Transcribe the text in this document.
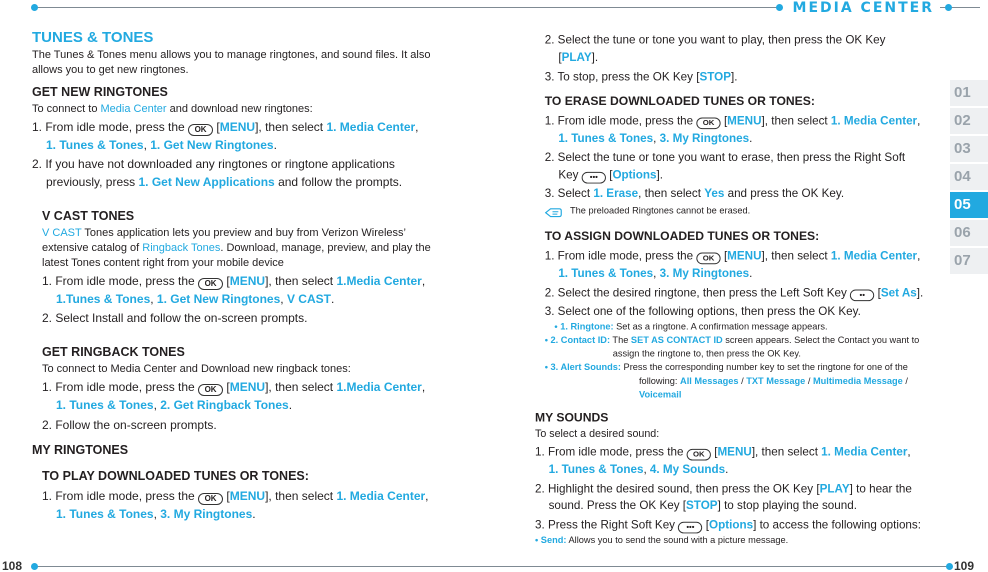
MEDIA CENTER
108	109
01
02
03
04
05
06
07
TUNES & TONES
The Tunes & Tones menu allows you to manage ringtones, and sound files. It also allows you to get new ringtones.
GET NEW RINGTONES
To connect to Media Center and download new ringtones:
1. From idle mode, press the OK [MENU], then select 1. Media Center,
1. Tunes & Tones, 1. Get New Ringtones.
2. If you have not downloaded any ringtones or ringtone applications previously, press 1. Get New Applications and follow the prompts.
V CAST TONES
V CAST Tones application lets you preview and buy from Verizon Wireless’ extensive catalog of Ringback Tones. Download, manage, preview, and play the latest Tones content right from your mobile device
1. From idle mode, press the OK [MENU], then select 1.Media Center,
1.Tunes & Tones, 1. Get New Ringtones, V CAST.
2. Select Install and follow the on-screen prompts.
GET RINGBACK TONES
To connect to Media Center and Download new ringback tones:
1. From idle mode, press the OK [MENU], then select 1.Media Center,
1. Tunes & Tones, 2. Get Ringback Tones.
2. Follow the on-screen prompts.
MY RINGTONES
TO PLAY DOWNLOADED TUNES OR TONES:
1. From idle mode, press the OK [MENU], then select 1. Media Center,
1. Tunes & Tones, 3. My Ringtones.
2. Select the tune or tone you want to play, then press the OK Key [PLAY].
3. To stop, press the OK Key [STOP].
TO ERASE DOWNLOADED TUNES OR TONES:
1. From idle mode, press the OK [MENU], then select 1. Media Center,
1. Tunes & Tones, 3. My Ringtones.
2. Select the tune or tone you want to erase, then press the Right Soft Key ••• [Options].
3. Select 1. Erase, then select Yes and press the OK Key.
The preloaded Ringtones cannot be erased.
TO ASSIGN DOWNLOADED TUNES OR TONES:
1. From idle mode, press the OK [MENU], then select 1. Media Center,
1. Tunes & Tones, 3. My Ringtones.
2. Select the desired ringtone, then press the Left Soft Key •• [Set As].
3. Select one of the following options, then press the OK Key.
• 1. Ringtone: Set as a ringtone. A confirmation message appears.
• 2. Contact ID: The SET AS CONTACT ID screen appears. Select the Contact you want to assign the ringtone to, then press the OK Key.
• 3. Alert Sounds: Press the corresponding number key to set the ringtone for one of the following: All Messages / TXT Message / Multimedia Message / Voicemail
MY SOUNDS
To select a desired sound:
1. From idle mode, press the OK [MENU], then select 1. Media Center,
1. Tunes & Tones, 4. My Sounds.
2. Highlight the desired sound, then press the OK Key [PLAY] to hear the sound. Press the OK Key [STOP] to stop playing the sound.
3. Press the Right Soft Key ••• [Options] to access the following options:
• Send: Allows you to send the sound with a picture message.
